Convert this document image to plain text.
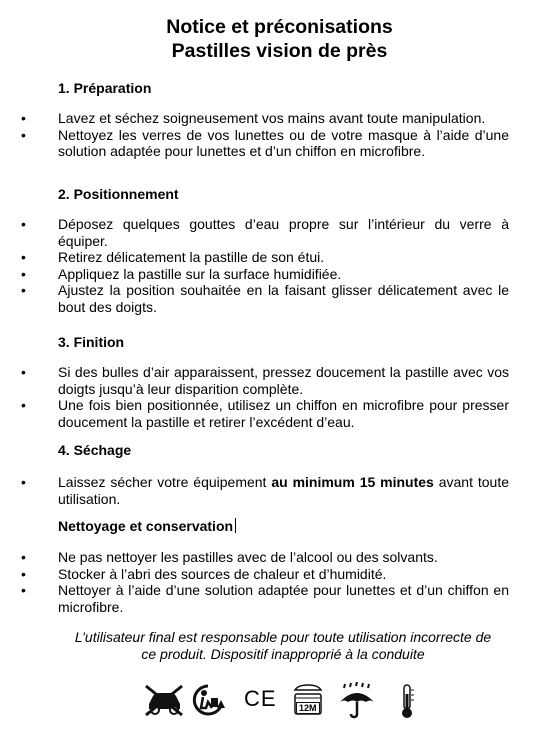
Notice et préconisations
Pastilles vision de près
1. Préparation
• Lavez et séchez soigneusement vos mains avant toute manipulation.
• Nettoyez les verres de vos lunettes ou de votre masque à l’aide d’une solution adaptée pour lunettes et d’un chiffon en microfibre.
2. Positionnement
• Déposez quelques gouttes d’eau propre sur l’intérieur du verre à équiper.
• Retirez délicatement la pastille de son étui.
• Appliquez la pastille sur la surface humidifiée.
• Ajustez la position souhaitée en la faisant glisser délicatement avec le bout des doigts.
3. Finition
• Si des bulles d’air apparaissent, pressez doucement la pastille avec vos doigts jusqu’à leur disparition complète.
• Une fois bien positionnée, utilisez un chiffon en microfibre pour presser doucement la pastille et retirer l’excédent d’eau.
4. Séchage
• Laissez sécher votre équipement au minimum 15 minutes avant toute utilisation.
Nettoyage et conservation
• Ne pas nettoyer les pastilles avec de l’alcool ou des solvants.
• Stocker à l’abri des sources de chaleur et d’humidité.
• Nettoyer à l’aide d’une solution adaptée pour lunettes et d’un chiffon en microfibre.
L’utilisateur final est responsable pour toute utilisation incorrecte de
ce produit. Dispositif inapproprié à la conduite
CE	12M
